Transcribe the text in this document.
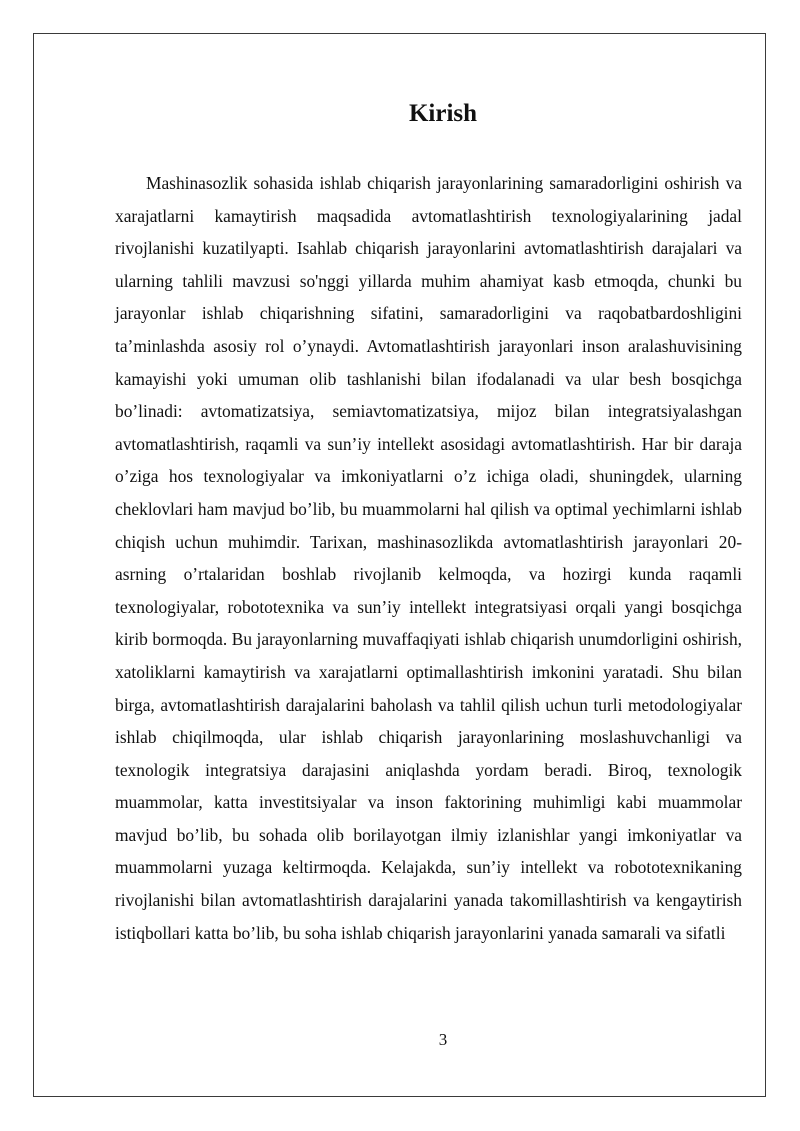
Kirish

Mashinasozlik sohasida ishlab chiqarish jarayonlarining samaradorligini oshirish va xarajatlarni kamaytirish maqsadida avtomatlashtirish texnologiyalarining jadal rivojlanishi kuzatilyapti. Isahlab chiqarish jarayonlarini avtomatlashtirish darajalari va ularning tahlili mavzusi so'nggi yillarda muhim ahamiyat kasb etmoqda, chunki bu jarayonlar ishlab chiqarishning sifatini, samaradorligini va raqobatbardoshligini ta’minlashda asosiy rol o’ynaydi. Avtomatlashtirish jarayonlari inson aralashuvisining kamayishi yoki umuman olib tashlanishi bilan ifodalanadi va ular besh bosqichga bo’linadi: avtomatizatsiya, semiavtomatizatsiya, mijoz bilan integratsiyalashgan avtomatlashtirish, raqamli va sun’iy intellekt asosidagi avtomatlashtirish. Har bir daraja o’ziga hos texnologiyalar va imkoniyatlarni o’z ichiga oladi, shuningdek, ularning cheklovlari ham mavjud bo’lib, bu muammolarni hal qilish va optimal yechimlarni ishlab chiqish uchun muhimdir. Tarixan, mashinasozlikda avtomatlashtirish jarayonlari 20-asrning o’rtalaridan boshlab rivojlanib kelmoqda, va hozirgi kunda raqamli texnologiyalar, robototexnika va sun’iy intellekt integratsiyasi orqali yangi bosqichga kirib bormoqda. Bu jarayonlarning muvaffaqiyati ishlab chiqarish unumdorligini oshirish, xatoliklarni kamaytirish va xarajatlarni optimallashtirish imkonini yaratadi. Shu bilan birga, avtomatlashtirish darajalarini baholash va tahlil qilish uchun turli metodologiyalar ishlab chiqilmoqda, ular ishlab chiqarish jarayonlarining moslashuvchanligi va texnologik integratsiya darajasini aniqlashda yordam beradi. Biroq, texnologik muammolar, katta investitsiyalar va inson faktorining muhimligi kabi muammolar mavjud bo’lib, bu sohada olib borilayotgan ilmiy izlanishlar yangi imkoniyatlar va muammolarni yuzaga keltirmoqda. Kelajakda, sun’iy intellekt va robototexnikaning rivojlanishi bilan avtomatlashtirish darajalarini yanada takomillashtirish va kengaytirish istiqbollari katta bo’lib, bu soha ishlab chiqarish jarayonlarini yanada samarali va sifatli

3
